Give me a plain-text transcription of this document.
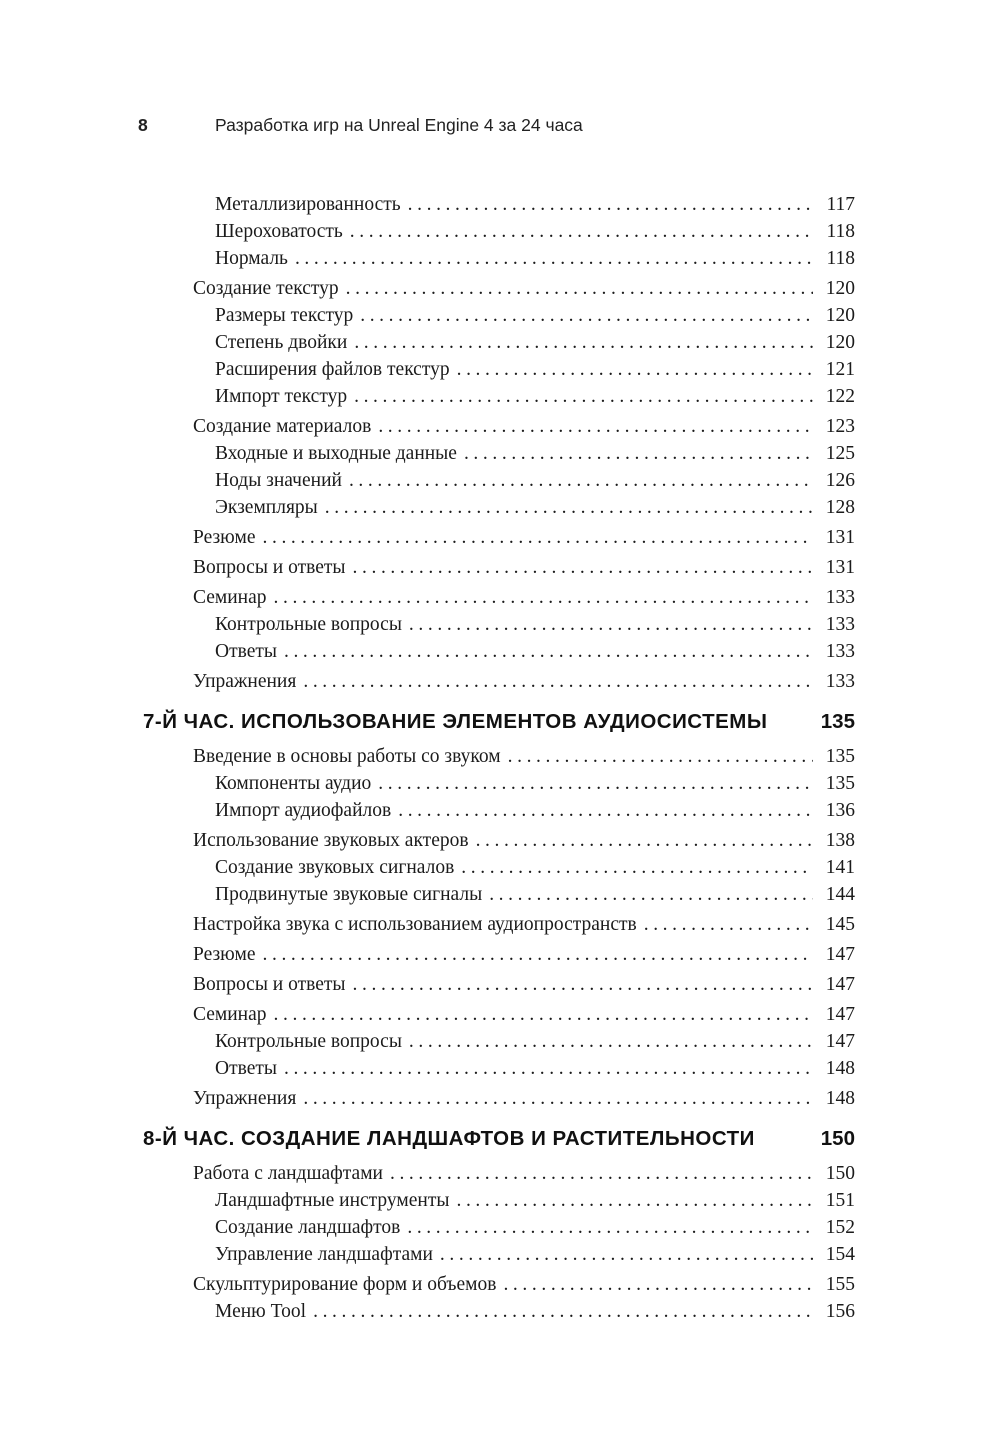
8	Разработка игр на Unreal Engine 4 за 24 часа
Металлизированность .....	117
Шероховатость .....	118
Нормаль .....	118
Создание текстур .....	120
Размеры текстур .....	120
Степень двойки .....	120
Расширения файлов текстур .....	121
Импорт текстур .....	122
Создание материалов .....	123
Входные и выходные данные .....	125
Ноды значений .....	126
Экземпляры .....	128
Резюме .....	131
Вопросы и ответы .....	131
Семинар .....	133
Контрольные вопросы .....	133
Ответы .....	133
Упражнения .....	133
7-Й ЧАС. ИСПОЛЬЗОВАНИЕ ЭЛЕМЕНТОВ АУДИОСИСТЕМЫ	135
Введение в основы работы со звуком .....	135
Компоненты аудио .....	135
Импорт аудиофайлов .....	136
Использование звуковых актеров .....	138
Создание звуковых сигналов .....	141
Продвинутые звуковые сигналы .....	144
Настройка звука с использованием аудиопространств .....	145
Резюме .....	147
Вопросы и ответы .....	147
Семинар .....	147
Контрольные вопросы .....	147
Ответы .....	148
Упражнения .....	148
8-Й ЧАС. СОЗДАНИЕ ЛАНДШАФТОВ И РАСТИТЕЛЬНОСТИ	150
Работа с ландшафтами .....	150
Ландшафтные инструменты .....	151
Создание ландшафтов .....	152
Управление ландшафтами .....	154
Скульптурирование форм и объемов .....	155
Меню Tool .....	156
